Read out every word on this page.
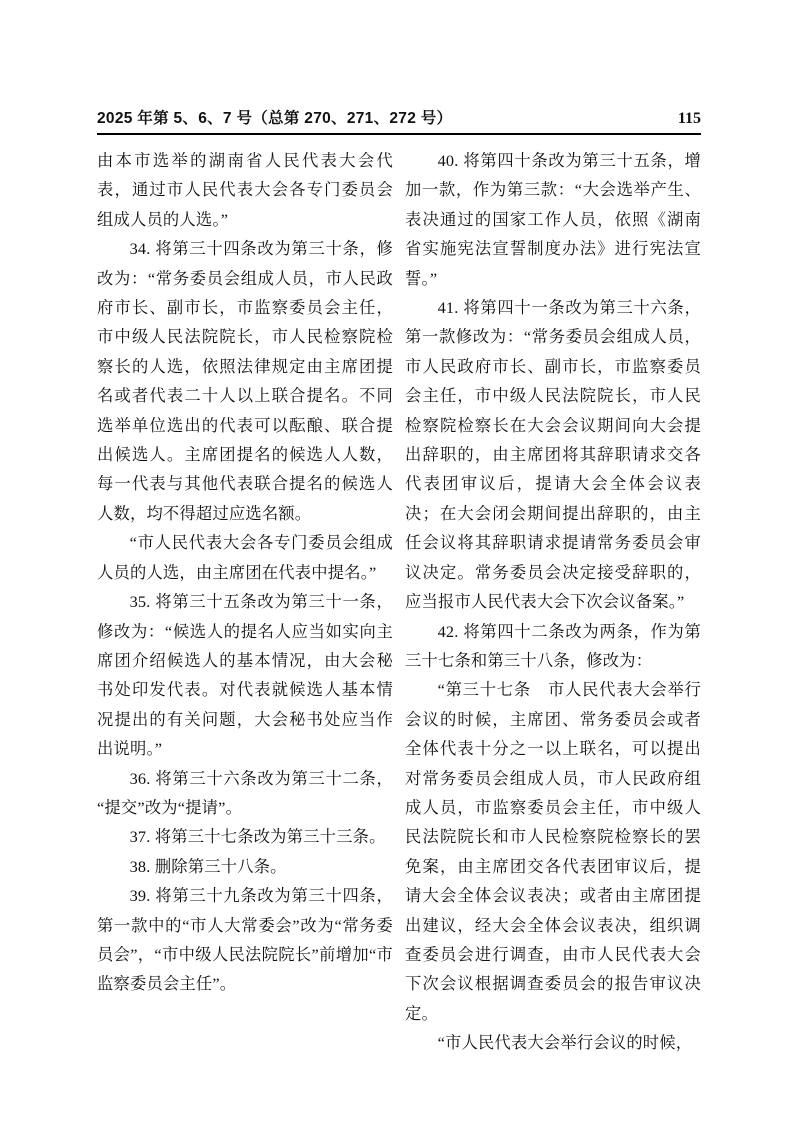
2025 年第 5、6、7 号（总第 270、271、272 号）	115

由本市选举的湖南省人民代表大会代表，通过市人民代表大会各专门委员会组成人员的人选。”

34. 将第三十四条改为第三十条，修改为：“常务委员会组成人员，市人民政府市长、副市长，市监察委员会主任，市中级人民法院院长，市人民检察院检察长的人选，依照法律规定由主席团提名或者代表二十人以上联合提名。不同选举单位选出的代表可以酝酿、联合提出候选人。主席团提名的候选人人数，每一代表与其他代表联合提名的候选人人数，均不得超过应选名额。

“市人民代表大会各专门委员会组成人员的人选，由主席团在代表中提名。”

35. 将第三十五条改为第三十一条，修改为：“候选人的提名人应当如实向主席团介绍候选人的基本情况，由大会秘书处印发代表。对代表就候选人基本情况提出的有关问题，大会秘书处应当作出说明。”

36. 将第三十六条改为第三十二条，“提交”改为“提请”。

37. 将第三十七条改为第三十三条。

38. 删除第三十八条。

39. 将第三十九条改为第三十四条，第一款中的“市人大常委会”改为“常务委员会”，“市中级人民法院院长”前增加“市监察委员会主任”。

40. 将第四十条改为第三十五条，增加一款，作为第三款：“大会选举产生、表决通过的国家工作人员，依照《湖南省实施宪法宣誓制度办法》进行宪法宣誓。”

41. 将第四十一条改为第三十六条，第一款修改为：“常务委员会组成人员，市人民政府市长、副市长，市监察委员会主任，市中级人民法院院长，市人民检察院检察长在大会会议期间向大会提出辞职的，由主席团将其辞职请求交各代表团审议后，提请大会全体会议表决；在大会闭会期间提出辞职的，由主任会议将其辞职请求提请常务委员会审议决定。常务委员会决定接受辞职的，应当报市人民代表大会下次会议备案。”

42. 将第四十二条改为两条，作为第三十七条和第三十八条，修改为：

“第三十七条　市人民代表大会举行会议的时候，主席团、常务委员会或者全体代表十分之一以上联名，可以提出对常务委员会组成人员，市人民政府组成人员，市监察委员会主任，市中级人民法院院长和市人民检察院检察长的罢免案，由主席团交各代表团审议后，提请大会全体会议表决；或者由主席团提出建议，经大会全体会议表决，组织调查委员会进行调查，由市人民代表大会下次会议根据调查委员会的报告审议决定。

“市人民代表大会举行会议的时候，
